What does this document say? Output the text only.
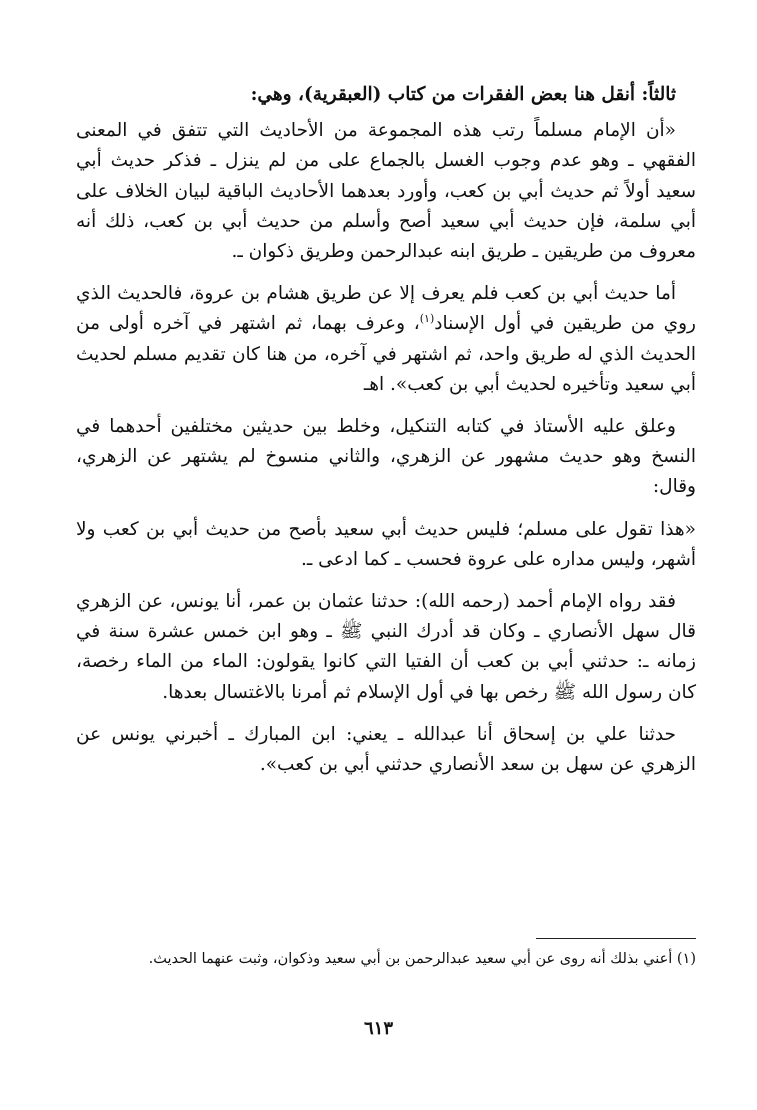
ثالثاً: أنقل هنا بعض الفقرات من كتاب (العبقرية)، وهي:

«أن الإمام مسلماً رتب هذه المجموعة من الأحاديث التي تتفق في المعنى الفقهي ـ وهو عدم وجوب الغسل بالجماع على من لم ينزل ـ فذكر حديث أبي سعيد أولاً ثم حديث أبي بن كعب، وأورد بعدهما الأحاديث الباقية لبيان الخلاف على أبي سلمة، فإن حديث أبي سعيد أصح وأسلم من حديث أبي بن كعب، ذلك أنه معروف من طريقين ـ طريق ابنه عبدالرحمن وطريق ذكوان ـ.

أما حديث أبي بن كعب فلم يعرف إلا عن طريق هشام بن عروة، فالحديث الذي روي من طريقين في أول الإسناد$^{(١)}$، وعرف بهما، ثم اشتهر في آخره أولى من الحديث الذي له طريق واحد، ثم اشتهر في آخره، من هنا كان تقديم مسلم لحديث أبي سعيد وتأخيره لحديث أبي بن كعب». اهـ

وعلق عليه الأستاذ في كتابه التنكيل، وخلط بين حديثين مختلفين أحدهما في النسخ وهو حديث مشهور عن الزهري، والثاني منسوخ لم يشتهر عن الزهري، وقال:

«هذا تقول على مسلم؛ فليس حديث أبي سعيد بأصح من حديث أبي بن كعب ولا أشهر، وليس مداره على عروة فحسب ـ كما ادعى ـ.

فقد رواه الإمام أحمد (رحمه الله): حدثنا عثمان بن عمر، أنا يونس، عن الزهري قال سهل الأنصاري ـ وكان قد أدرك النبي ﷺ ـ وهو ابن خمس عشرة سنة في زمانه ـ: حدثني أبي بن كعب أن الفتيا التي كانوا يقولون: الماء من الماء رخصة، كان رسول الله ﷺ رخص بها في أول الإسلام ثم أمرنا بالاغتسال بعدها.

حدثنا علي بن إسحاق أنا عبدالله ـ يعني: ابن المبارك ـ أخبرني يونس عن الزهري عن سهل بن سعد الأنصاري حدثني أبي بن كعب».

(١) أعني بذلك أنه روى عن أبي سعيد عبدالرحمن بن أبي سعيد وذكوان، وثبت عنهما الحديث.
٦١٣
